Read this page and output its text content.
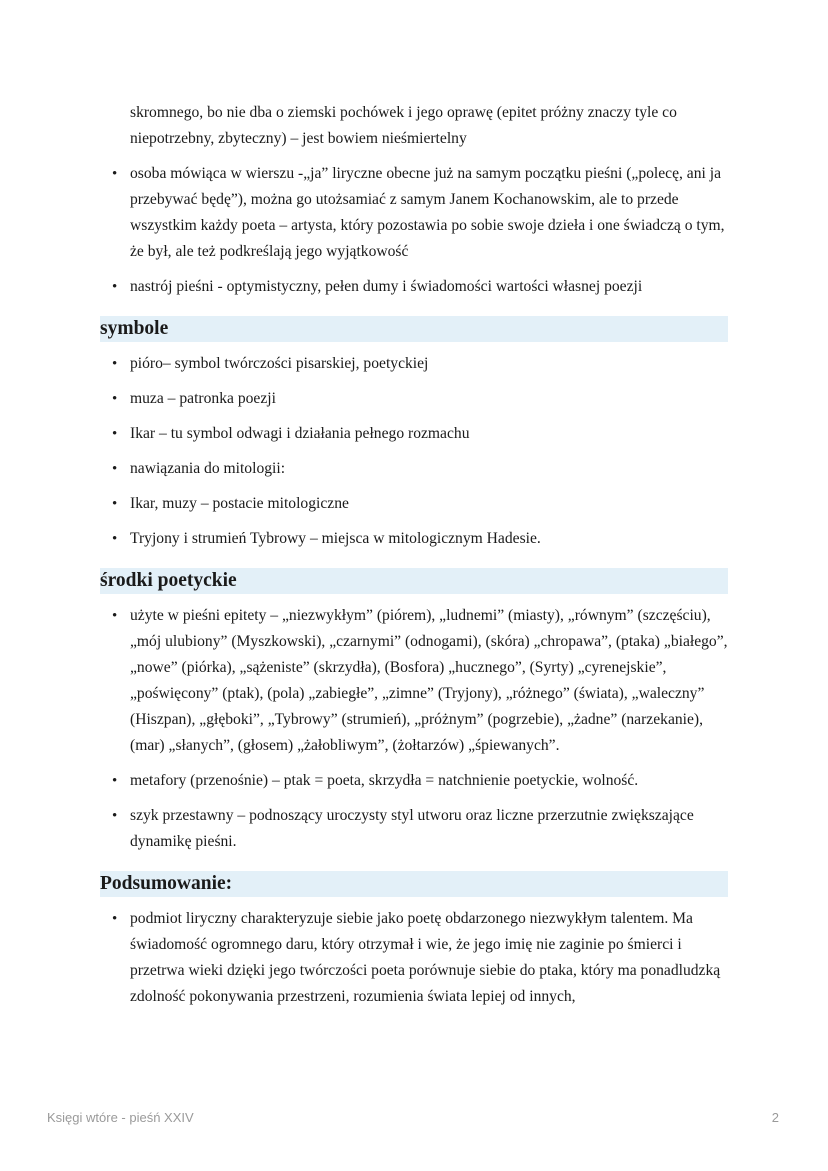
skromnego, bo nie dba o ziemski pochówek i jego oprawę (epitet próżny znaczy tyle co niepotrzebny, zbyteczny) – jest bowiem nieśmiertelny

• osoba mówiąca w wierszu -„ja” liryczne obecne już na samym początku pieśni („polecę, ani ja przebywać będę”), można go utożsamiać z samym Janem Kochanowskim, ale to przede wszystkim każdy poeta – artysta, który pozostawia po sobie swoje dzieła i one świadczą o tym, że był, ale też podkreślają jego wyjątkowość
• nastrój pieśni - optymistyczny, pełen dumy i świadomości wartości własnej poezji
symbole
• pióro– symbol twórczości pisarskiej, poetyckiej
• muza – patronka poezji
• Ikar – tu symbol odwagi i działania pełnego rozmachu
• nawiązania do mitologii:
• Ikar, muzy – postacie mitologiczne
• Tryjony i strumień Tybrowy – miejsca w mitologicznym Hadesie.
środki poetyckie
• użyte w pieśni epitety – „niezwykłym” (piórem), „ludnemi” (miasty), „równym” (szczęściu), „mój ulubiony” (Myszkowski), „czarnymi” (odnogami), (skóra) „chropawa”, (ptaka) „białego”, „nowe” (piórka), „sążeniste” (skrzydła), (Bosfora) „hucznego”, (Syrty) „cyrenejskie”, „poświęcony” (ptak), (pola) „zabiegłe”, „zimne” (Tryjony), „różnego” (świata), „waleczny” (Hiszpan), „głęboki”, „Tybrowy” (strumień), „próżnym” (pogrzebie), „żadne” (narzekanie), (mar) „słanych”, (głosem) „żałobliwym”, (żołtarzów) „śpiewanych”.
• metafory (przenośnie) – ptak = poeta, skrzydła = natchnienie poetyckie, wolność.
• szyk przestawny – podnoszący uroczysty styl utworu oraz liczne przerzutnie zwiększające dynamikę pieśni.
Podsumowanie:
• podmiot liryczny charakteryzuje siebie jako poetę obdarzonego niezwykłym talentem. Ma świadomość ogromnego daru, który otrzymał i wie, że jego imię nie zaginie po śmierci i przetrwa wieki dzięki jego twórczości poeta porównuje siebie do ptaka, który ma ponadludzką zdolność pokonywania przestrzeni, rozumienia świata lepiej od innych,
Księgi wtóre - pieśń XXIV	2
